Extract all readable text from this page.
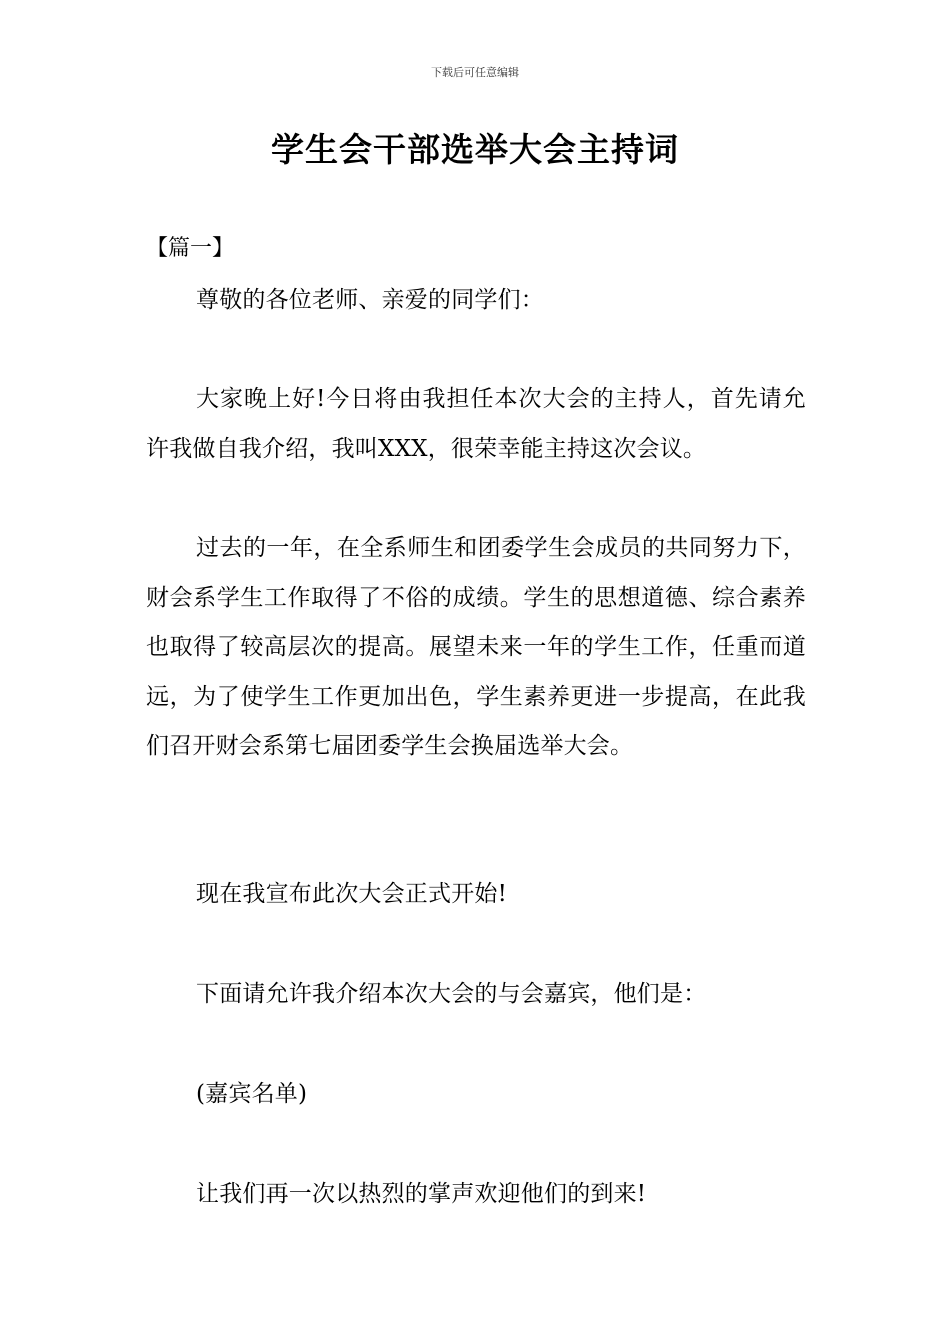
下载后可任意编辑
学生会干部选举大会主持词
【篇一】

尊敬的各位老师、亲爱的同学们：

大家晚上好!今日将由我担任本次大会的主持人，首先请允许我做自我介绍，我叫XXX，很荣幸能主持这次会议。

过去的一年，在全系师生和团委学生会成员的共同努力下，财会系学生工作取得了不俗的成绩。学生的思想道德、综合素养也取得了较高层次的提高。展望未来一年的学生工作，任重而道远，为了使学生工作更加出色，学生素养更进一步提高，在此我们召开财会系第七届团委学生会换届选举大会。

现在我宣布此次大会正式开始!

下面请允许我介绍本次大会的与会嘉宾，他们是：

(嘉宾名单)

让我们再一次以热烈的掌声欢迎他们的到来!
